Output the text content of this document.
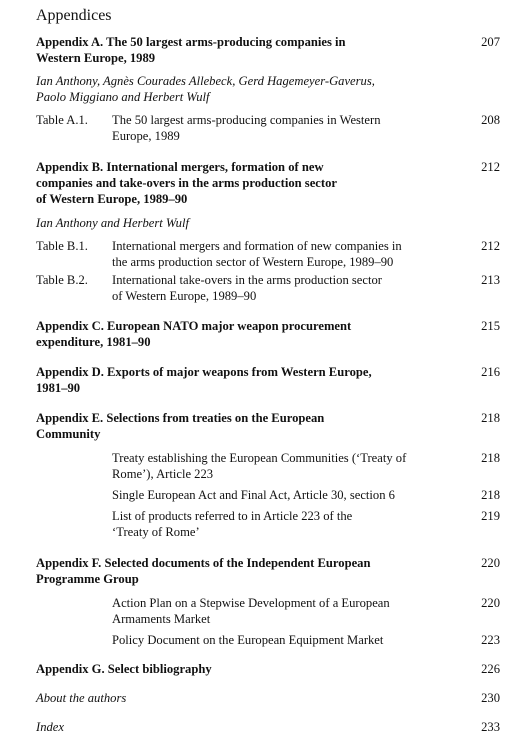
Appendices
Appendix A. The 50 largest arms-producing companies in
Western Europe, 1989
207
Ian Anthony, Agnès Courades Allebeck, Gerd Hagemeyer-Gaverus,
Paolo Miggiano and Herbert Wulf
Table A.1. The 50 largest arms-producing companies in Western
Europe, 1989
208
Appendix B. International mergers, formation of new
companies and take-overs in the arms production sector
of Western Europe, 1989–90
212
Ian Anthony and Herbert Wulf
Table B.1. International mergers and formation of new companies in
the arms production sector of Western Europe, 1989–90
212
Table B.2. International take-overs in the arms production sector
of Western Europe, 1989–90
213
Appendix C. European NATO major weapon procurement
expenditure, 1981–90
215
Appendix D. Exports of major weapons from Western Europe,
1981–90
216
Appendix E. Selections from treaties on the European
Community
218
Treaty establishing the European Communities (‘Treaty of
Rome’), Article 223
218
Single European Act and Final Act, Article 30, section 6	218
List of products referred to in Article 223 of the
‘Treaty of Rome’
219
Appendix F. Selected documents of the Independent European
Programme Group
220
Action Plan on a Stepwise Development of a European
Armaments Market
220
Policy Document on the European Equipment Market	223
Appendix G. Select bibliography	226
About the authors	230
Index	233
